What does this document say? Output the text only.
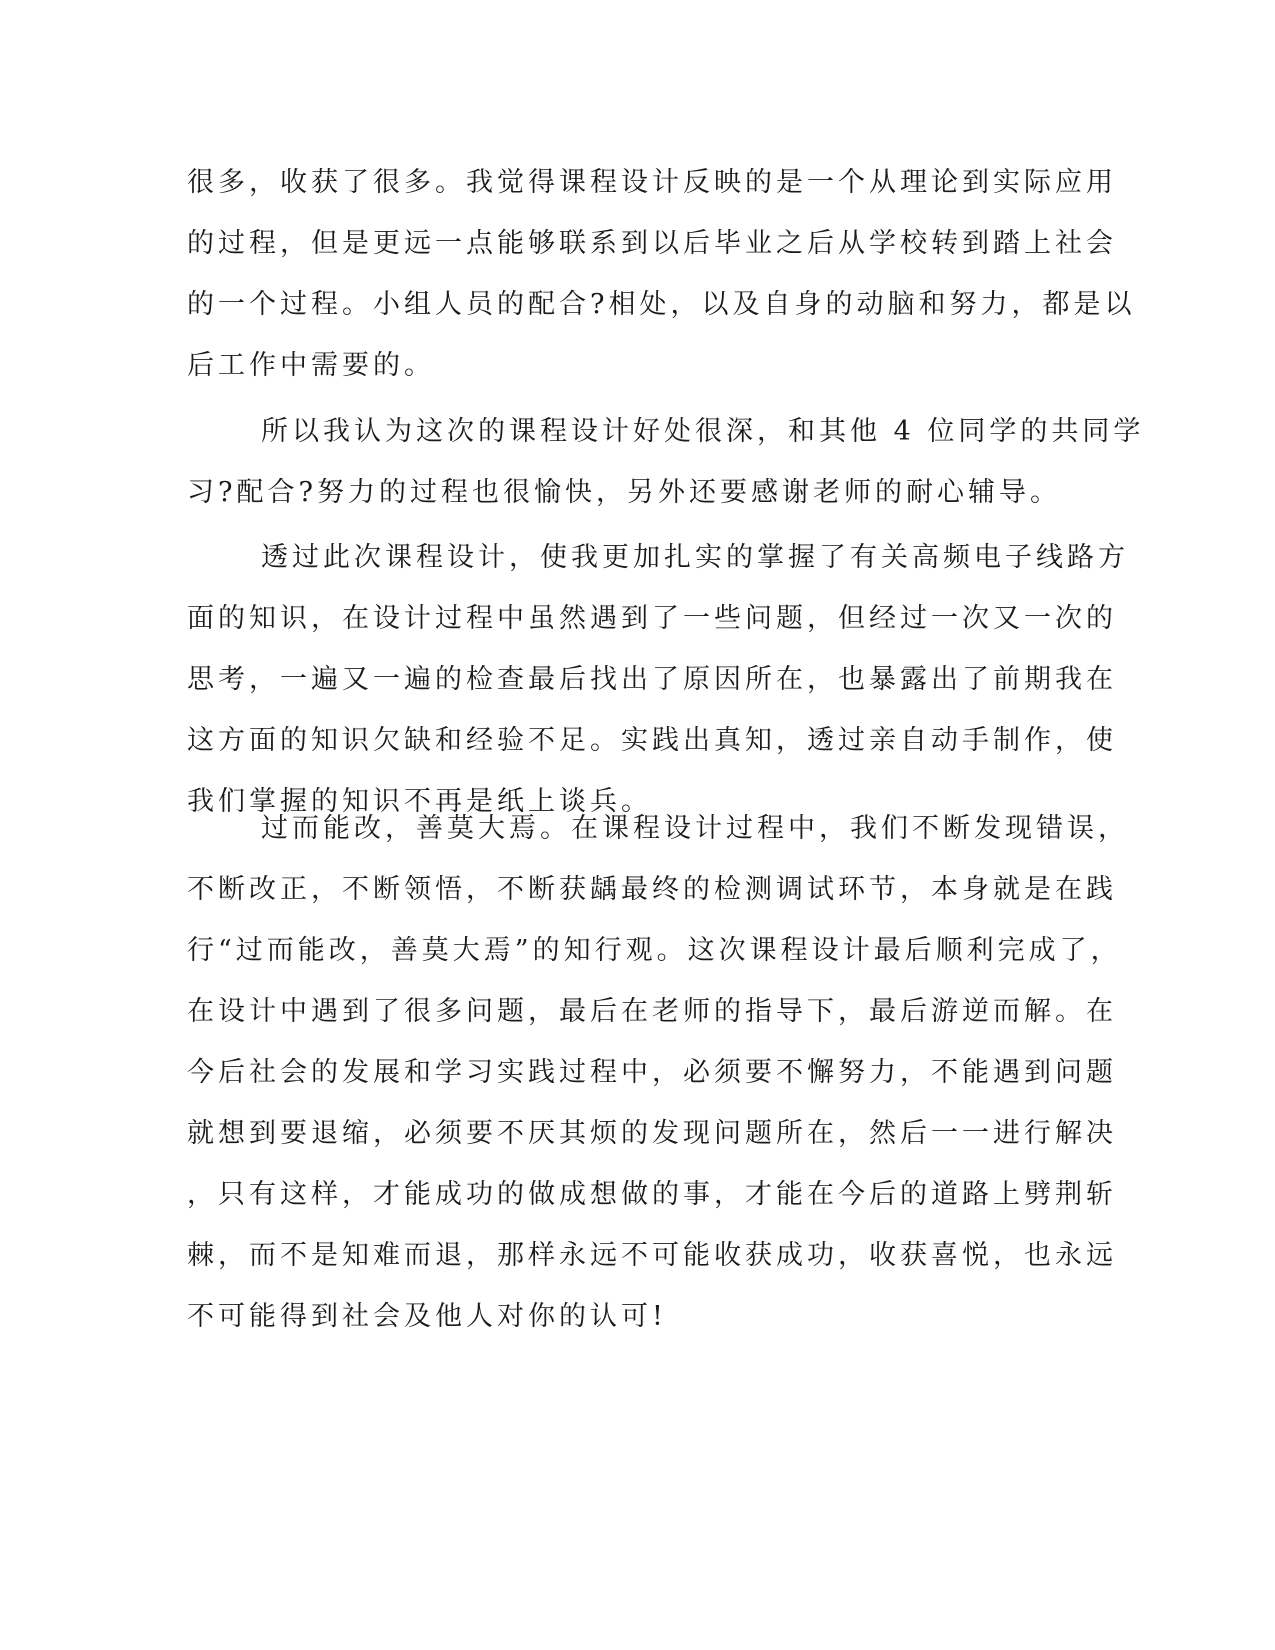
很多，收获了很多。我觉得课程设计反映的是一个从理论到实际应用
的过程，但是更远一点能够联系到以后毕业之后从学校转到踏上社会
的一个过程。小组人员的配合?相处，以及自身的动脑和努力，都是以
后工作中需要的。
所以我认为这次的课程设计好处很深，和其他 4 位同学的共同学
习?配合?努力的过程也很愉快，另外还要感谢老师的耐心辅导。
透过此次课程设计，使我更加扎实的掌握了有关高频电子线路方
面的知识，在设计过程中虽然遇到了一些问题，但经过一次又一次的
思考，一遍又一遍的检查最后找出了原因所在，也暴露出了前期我在
这方面的知识欠缺和经验不足。实践出真知，透过亲自动手制作，使
我们掌握的知识不再是纸上谈兵。
过而能改，善莫大焉。在课程设计过程中，我们不断发现错误，
不断改正，不断领悟，不断获龋最终的检测调试环节，本身就是在践
行“过而能改，善莫大焉”的知行观。这次课程设计最后顺利完成了，
在设计中遇到了很多问题，最后在老师的指导下，最后游逆而解。在
今后社会的发展和学习实践过程中，必须要不懈努力，不能遇到问题
就想到要退缩，必须要不厌其烦的发现问题所在，然后一一进行解决
，只有这样，才能成功的做成想做的事，才能在今后的道路上劈荆斩
棘，而不是知难而退，那样永远不可能收获成功，收获喜悦，也永远
不可能得到社会及他人对你的认可!
